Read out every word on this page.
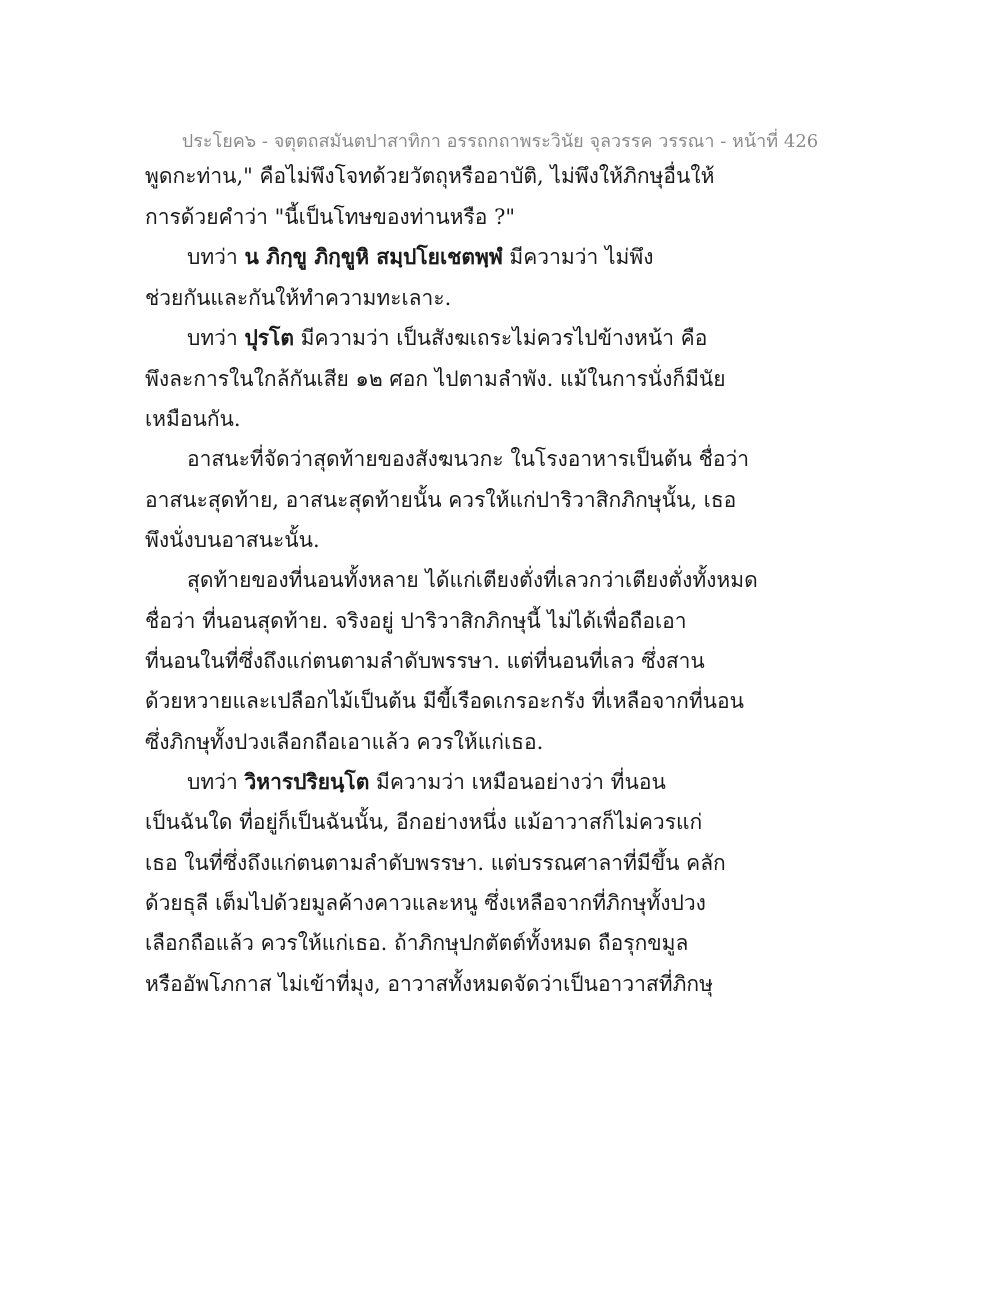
ประโยค๖ - จตุตถสมันตปาสาทิกา อรรถกถาพระวินัย จุลวรรค วรรณา - หน้าที่ 426
พูดกะท่าน," คือไม่พึงโจทด้วยวัตถุหรืออาบัติ, ไม่พึงให้ภิกษุอื่นให้
การด้วยคำว่า "นี้เป็นโทษของท่านหรือ ?"
บทว่า น ภิกฺขู ภิกฺขูหิ สมฺปโยเชตพฺพํ มีความว่า ไม่พึง
ช่วยกันและกันให้ทำความทะเลาะ.
บทว่า ปุรโต มีความว่า เป็นสังฆเถระไม่ควรไปข้างหน้า คือ
พึงละการในใกล้กันเสีย ๑๒ ศอก ไปตามลำพัง. แม้ในการนั่งก็มีนัย
เหมือนกัน.
อาสนะที่จัดว่าสุดท้ายของสังฆนวกะ ในโรงอาหารเป็นต้น ชื่อว่า
อาสนะสุดท้าย, อาสนะสุดท้ายนั้น ควรให้แก่ปาริวาสิกภิกษุนั้น, เธอ
พึงนั่งบนอาสนะนั้น.
สุดท้ายของที่นอนทั้งหลาย ได้แก่เตียงตั่งที่เลวกว่าเตียงตั่งทั้งหมด
ชื่อว่า ที่นอนสุดท้าย. จริงอยู่ ปาริวาสิกภิกษุนี้ ไม่ได้เพื่อถือเอา
ที่นอนในที่ซึ่งถึงแก่ตนตามลำดับพรรษา. แต่ที่นอนที่เลว ซึ่งสาน
ด้วยหวายและเปลือกไม้เป็นต้น มีขี้เรือดเกรอะกรัง ที่เหลือจากที่นอน
ซึ่งภิกษุทั้งปวงเลือกถือเอาแล้ว ควรให้แก่เธอ.
บทว่า วิหารปริยนฺโต มีความว่า เหมือนอย่างว่า ที่นอน
เป็นฉันใด ที่อยู่ก็เป็นฉันนั้น, อีกอย่างหนึ่ง แม้อาวาสก็ไม่ควรแก่
เธอ ในที่ซึ่งถึงแก่ตนตามลำดับพรรษา. แต่บรรณศาลาที่มีขึ้น คลัก
ด้วยธุลี เต็มไปด้วยมูลค้างคาวและหนู ซึ่งเหลือจากที่ภิกษุทั้งปวง
เลือกถือแล้ว ควรให้แก่เธอ. ถ้าภิกษุปกตัตต์ทั้งหมด ถือรุกขมูล
หรืออัพโภกาส ไม่เข้าที่มุง, อาวาสทั้งหมดจัดว่าเป็นอาวาสที่ภิกษุ
